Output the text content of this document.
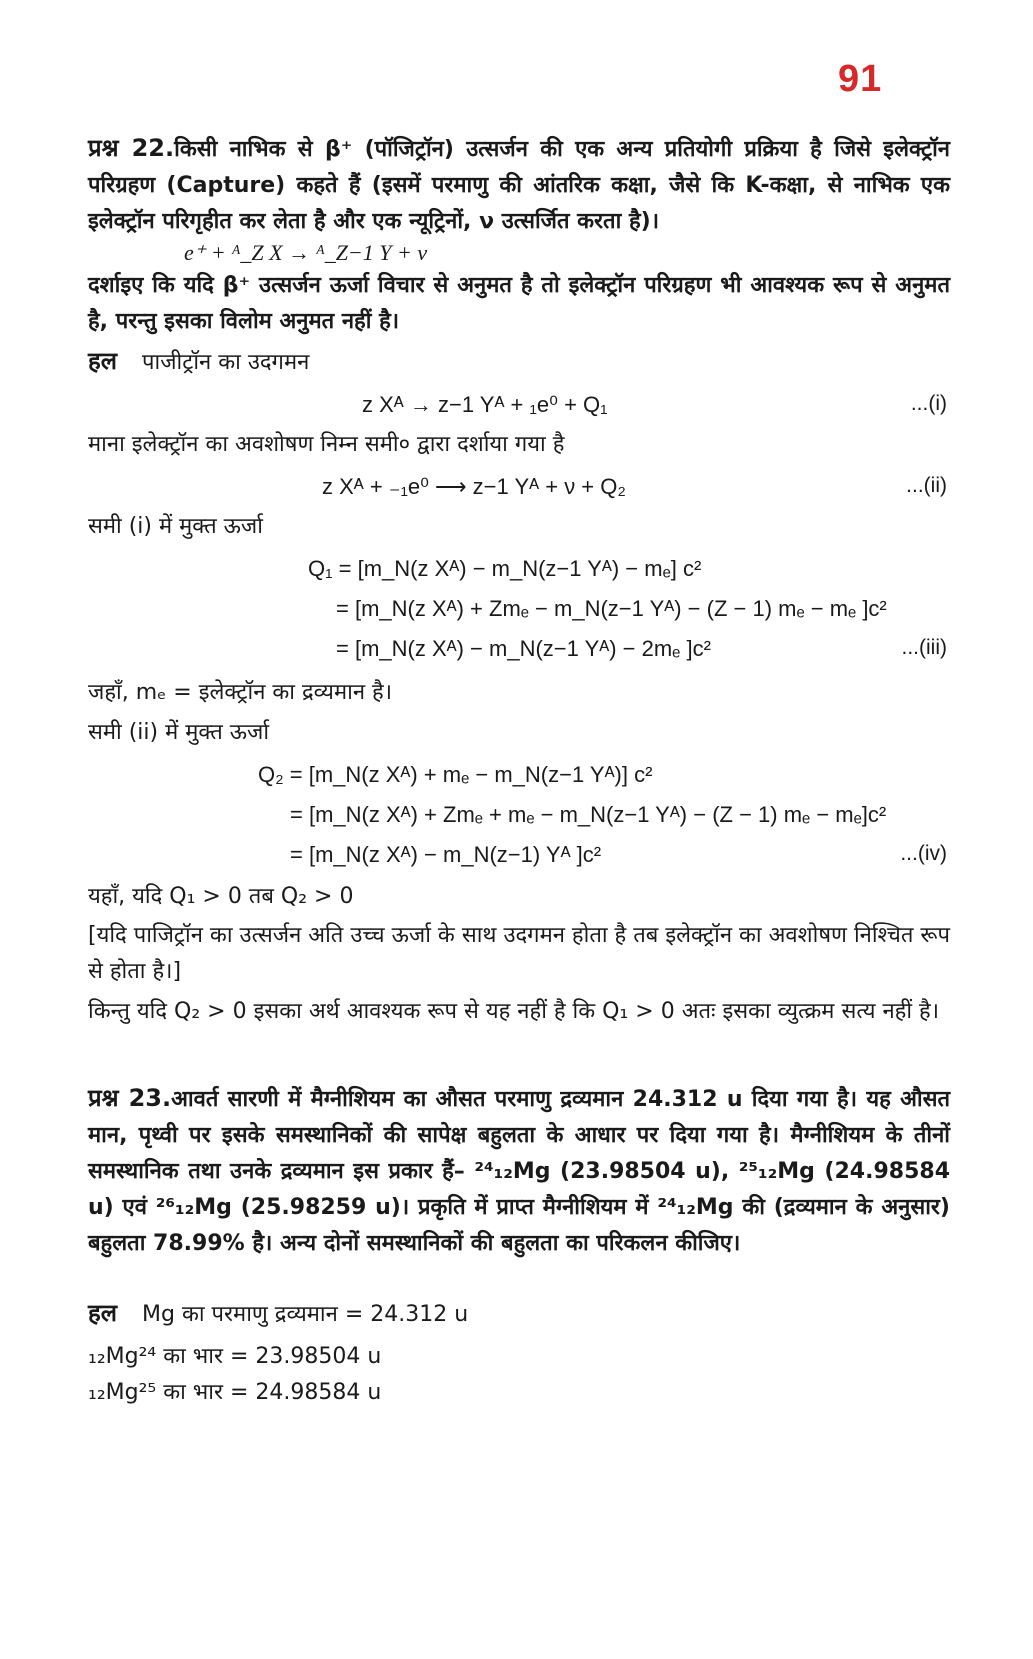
91
प्रश्न 22.किसी नाभिक से β⁺ (पॉजिट्रॉन) उत्सर्जन की एक अन्य प्रतियोगी प्रक्रिया है जिसे इलेक्ट्रॉन परिग्रहण (Capture) कहते हैं (इसमें परमाणु की आंतरिक कक्षा, जैसे कि K-कक्षा, से नाभिक एक इलेक्ट्रॉन परिगृहीत कर लेता है और एक न्यूट्रिनों, ν उत्सर्जित करता है)।
e⁺ + ᴬ_Z X → ᴬ_Z−1 Y + ν
दर्शाइए कि यदि β⁺ उत्सर्जन ऊर्जा विचार से अनुमत है तो इलेक्ट्रॉन परिग्रहण भी आवश्यक रूप से अनुमत है, परन्तु इसका विलोम अनुमत नहीं है।
हल पाजीट्रॉन का उदगमन
z Xᴬ → z−1 Yᴬ + ₁e⁰ + Q₁	...(i)
माना इलेक्ट्रॉन का अवशोषण निम्न समी० द्वारा दर्शाया गया है
z Xᴬ + ₋₁e⁰ ⟶ z−1 Yᴬ + ν + Q₂	...(ii)
समी (i) में मुक्त ऊर्जा
Q₁ = [m_N(z Xᴬ) − m_N(z−1 Yᴬ) − mₑ] c²
= [m_N(z Xᴬ) + Zmₑ − m_N(z−1 Yᴬ) − (Z − 1) mₑ − mₑ ]c²
= [m_N(z Xᴬ) − m_N(z−1 Yᴬ) − 2mₑ ]c²	...(iii)
जहाँ, mₑ = इलेक्ट्रॉन का द्रव्यमान है।
समी (ii) में मुक्त ऊर्जा
Q₂ = [m_N(z Xᴬ) + mₑ − m_N(z−1 Yᴬ)] c²
= [m_N(z Xᴬ) + Zmₑ + mₑ − m_N(z−1 Yᴬ) − (Z − 1) mₑ − mₑ]c²
= [m_N(z Xᴬ) − m_N(z−1) Yᴬ ]c²	...(iv)
यहाँ, यदि Q₁ > 0 तब Q₂ > 0
[यदि पाजिट्रॉन का उत्सर्जन अति उच्च ऊर्जा के साथ उदगमन होता है तब इलेक्ट्रॉन का अवशोषण निश्चित रूप से होता है।]
किन्तु यदि Q₂ > 0 इसका अर्थ आवश्यक रूप से यह नहीं है कि Q₁ > 0 अतः इसका व्युत्क्रम सत्य नहीं है।
प्रश्न 23.आवर्त सारणी में मैग्नीशियम का औसत परमाणु द्रव्यमान 24.312 u दिया गया है। यह औसत मान, पृथ्वी पर इसके समस्थानिकों की सापेक्ष बहुलता के आधार पर दिया गया है। मैग्नीशियम के तीनों समस्थानिक तथा उनके द्रव्यमान इस प्रकार हैं– ²⁴₁₂Mg (23.98504 u), ²⁵₁₂Mg (24.98584 u) एवं ²⁶₁₂Mg (25.98259 u)। प्रकृति में प्राप्त मैग्नीशियम में ²⁴₁₂Mg की (द्रव्यमान के अनुसार) बहुलता 78.99% है। अन्य दोनों समस्थानिकों की बहुलता का परिकलन कीजिए।
हल Mg का परमाणु द्रव्यमान = 24.312 u
₁₂Mg²⁴ का भार = 23.98504 u
₁₂Mg²⁵ का भार = 24.98584 u
